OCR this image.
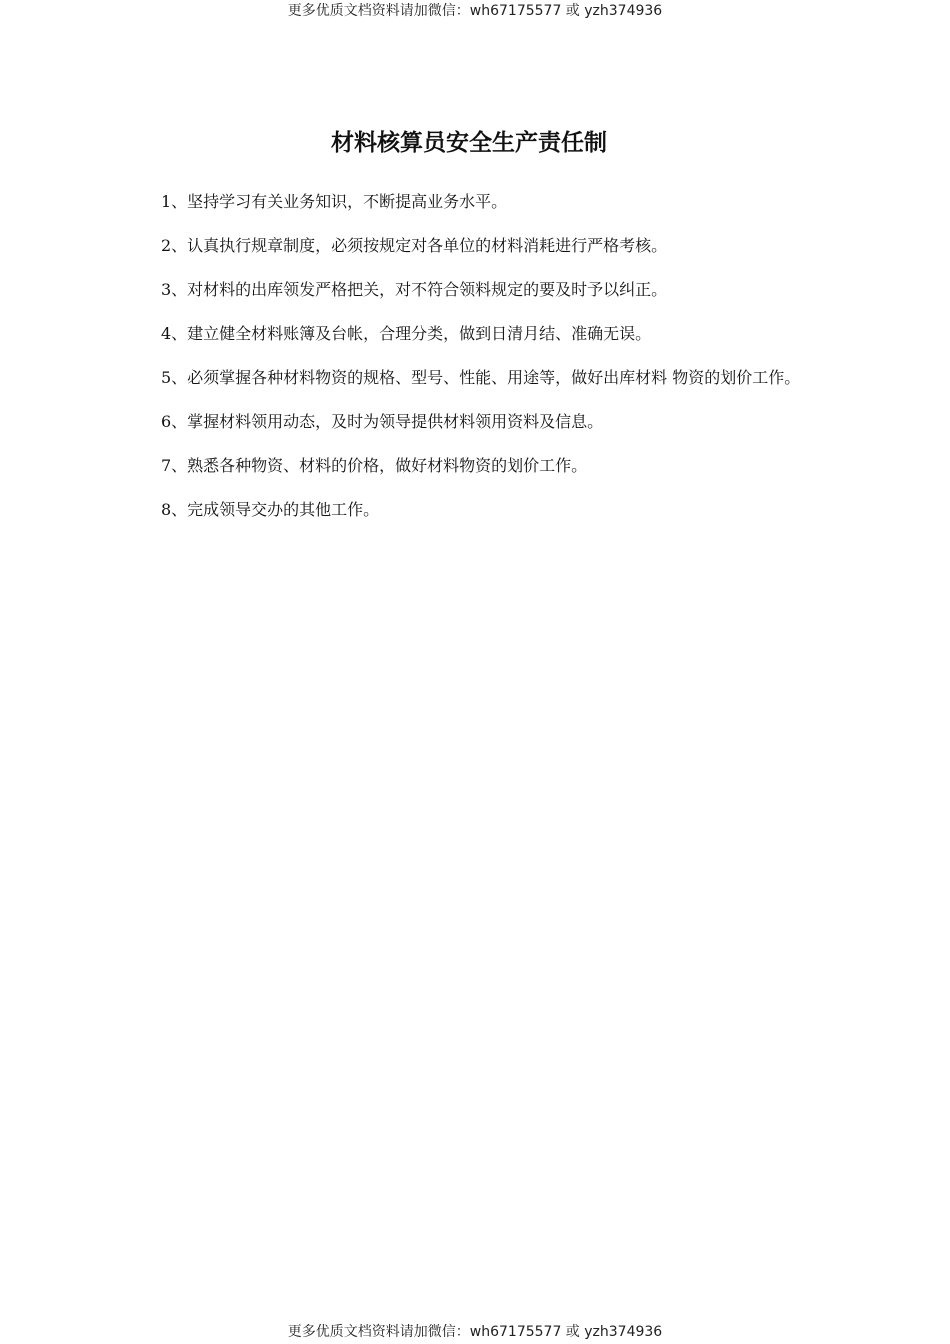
更多优质文档资料请加微信：wh67175577 或 yzh374936
材料核算员安全生产责任制

1、坚持学习有关业务知识，不断提高业务水平。

2、认真执行规章制度，必须按规定对各单位的材料消耗进行严格考核。

3、对材料的出库领发严格把关，对不符合领料规定的要及时予以纠正。

4、建立健全材料账簿及台帐，合理分类，做到日清月结、准确无误。

5、必须掌握各种材料物资的规格、型号、性能、用途等，做好出库材料 物资的划价工作。

6、掌握材料领用动态，及时为领导提供材料领用资料及信息。

7、熟悉各种物资、材料的价格，做好材料物资的划价工作。

8、完成领导交办的其他工作。

更多优质文档资料请加微信：wh67175577 或 yzh374936
